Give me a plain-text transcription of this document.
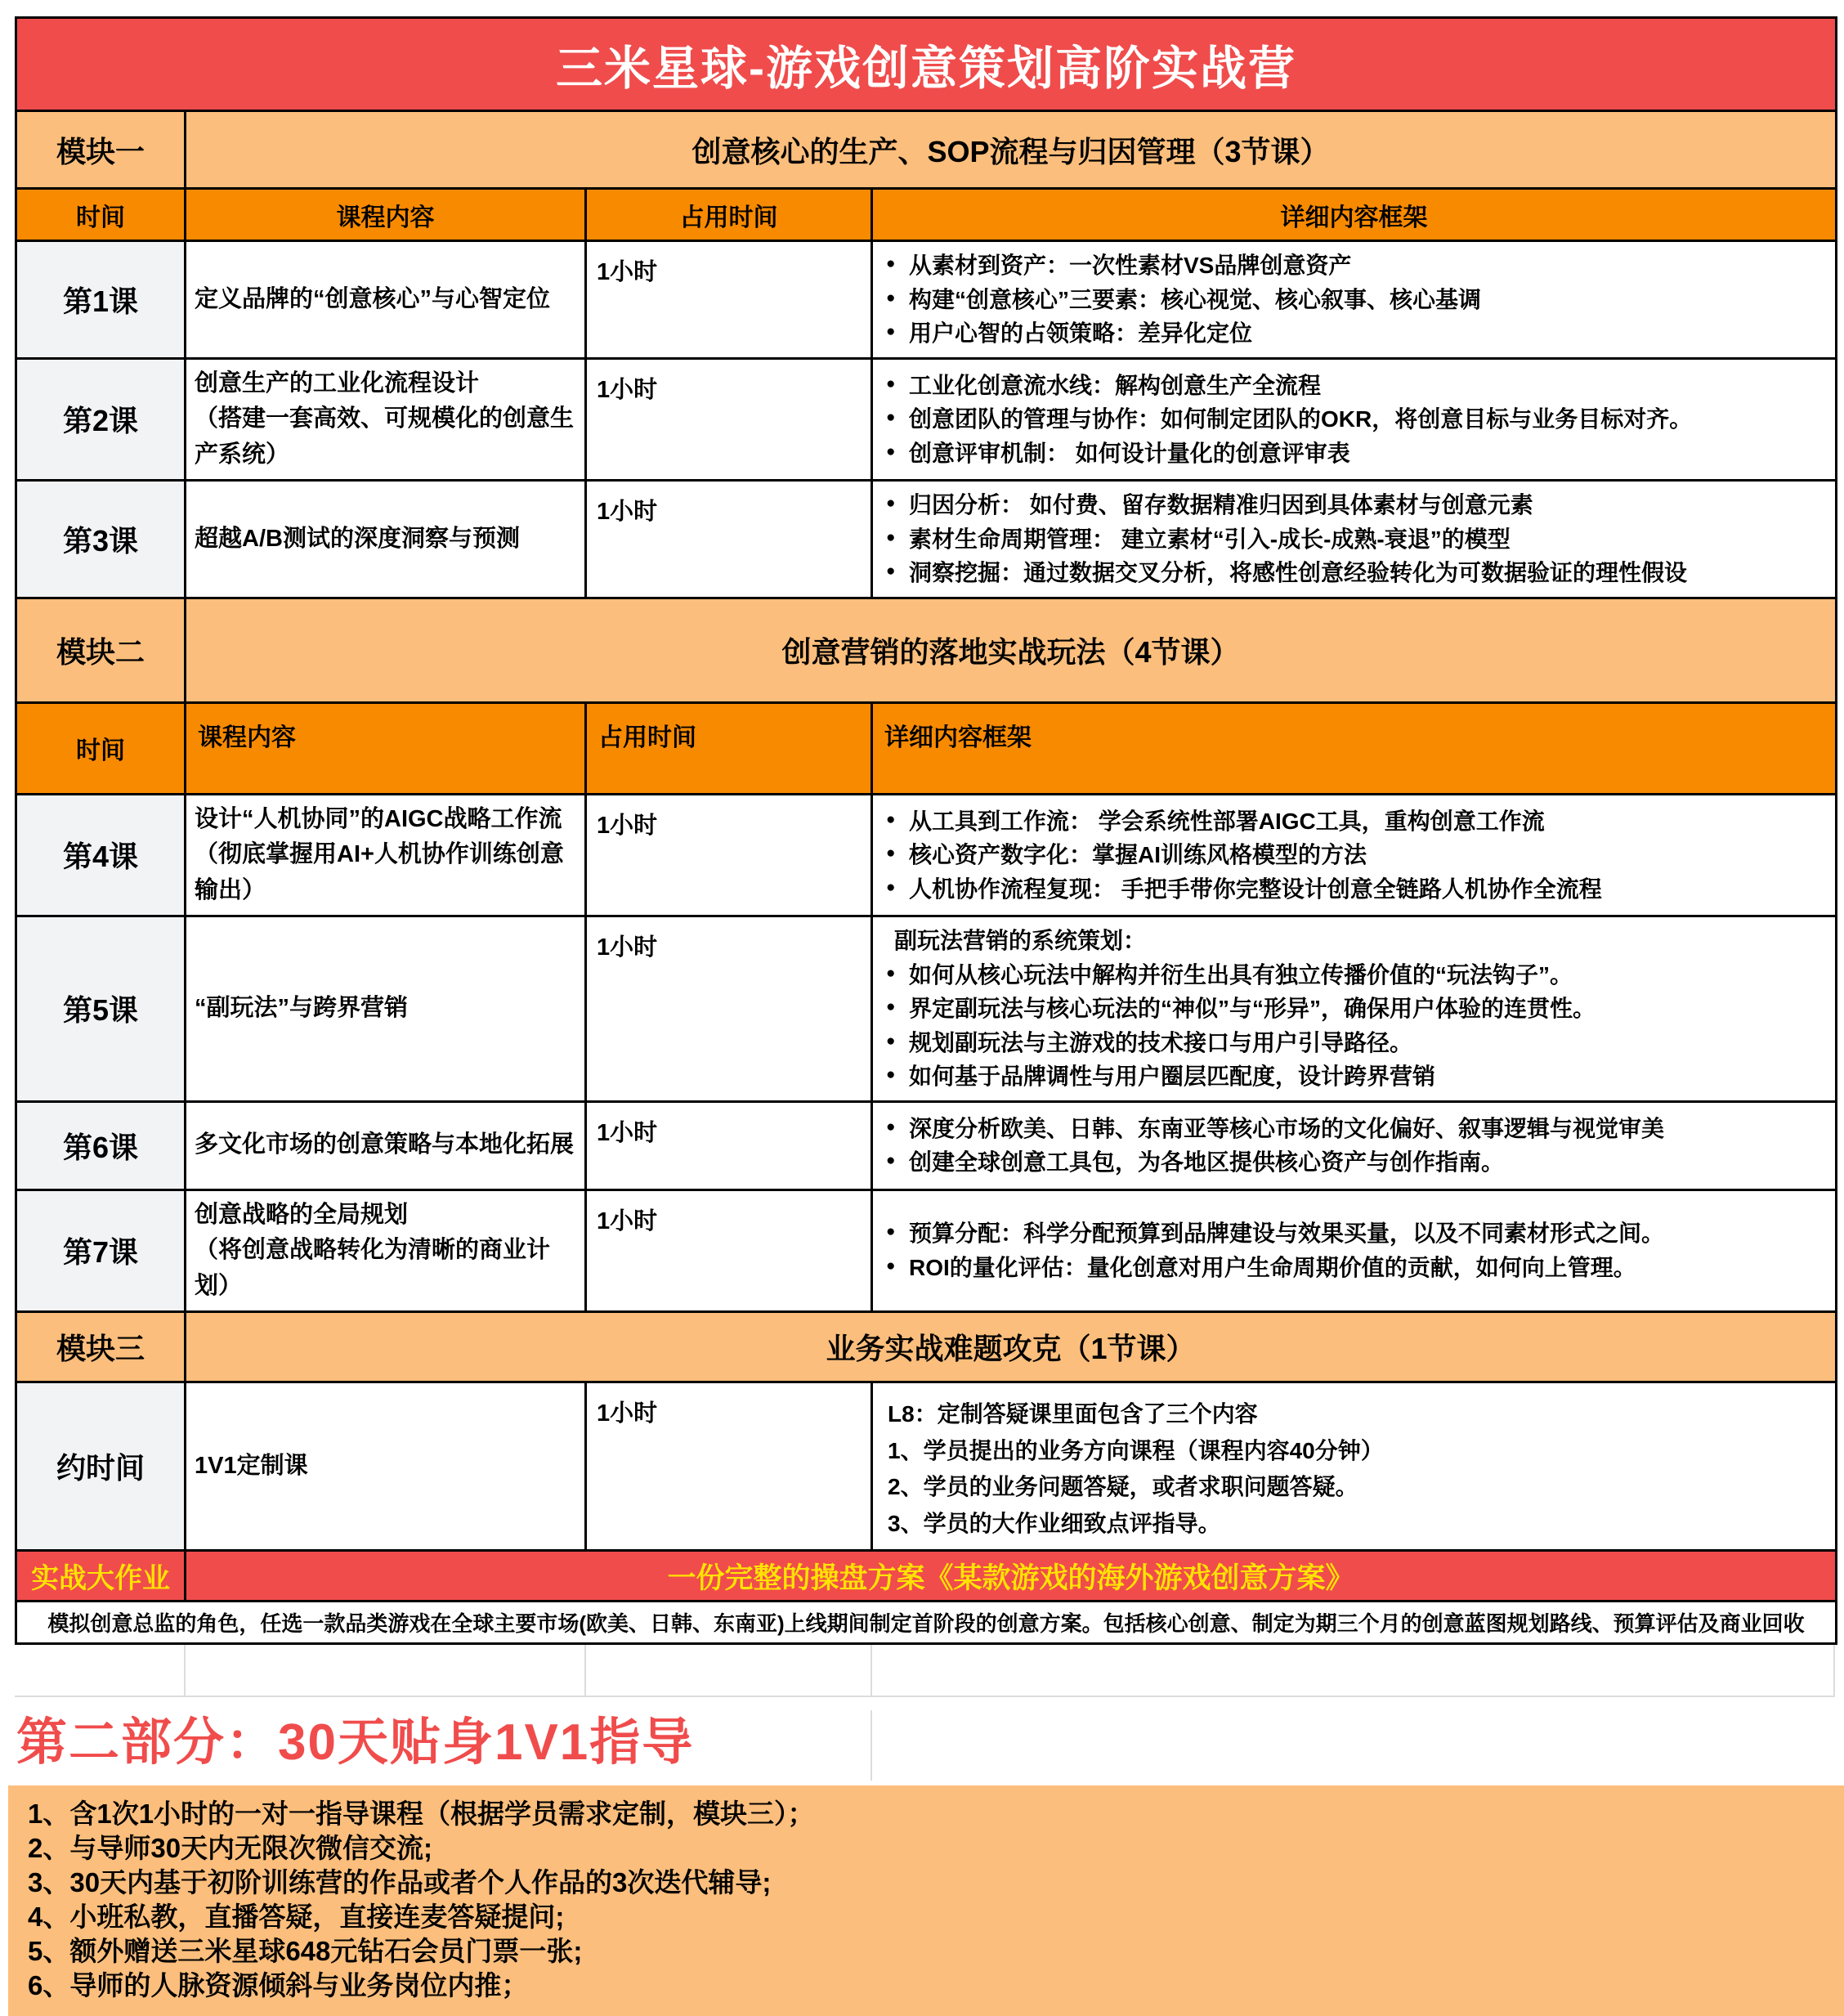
三米星球-游戏创意策划高阶实战营			
模块一	创意核心的生产、SOP流程与归因管理（3节课）		
时间	课程内容	占用时间	详细内容框架
第1课	定义品牌的“创意核心”与心智定位	1小时	
●从素材到资产：一次性素材VS品牌创意资产
● 构建“创意核心”三要素：核心视觉、核心叙事、核心基调
● 用户心智的占领策略：差异化定位

第2课	
创意生产的工业化流程设计
（搭建一套高效、可规模化的创意生产系统）
	1小时	
●工业化创意流水线：解构创意生产全流程
● 创意团队的管理与协作：如何制定团队的OKR，将创意目标与业务目标对齐。
● 创意评审机制： 如何设计量化的创意评审表

第3课	超越A/B测试的深度洞察与预测	1小时	
●归因分析： 如付费、留存数据精准归因到具体素材与创意元素
● 素材生命周期管理： 建立素材“引入-成长-成熟-衰退”的模型
● 洞察挖掘：通过数据交叉分析，将感性创意经验转化为可数据验证的理性假设

模块二	创意营销的落地实战玩法（4节课）		
时间	课程内容	占用时间	详细内容框架
第4课	
设计“人机协同”的AIGC战略工作流
（彻底掌握用AI+人机协作训练创意输出）
	1小时	
●从工具到工作流： 学会系统性部署AIGC工具，重构创意工作流
● 核心资产数字化：掌握AI训练风格模型的方法
● 人机协作流程复现： 手把手带你完整设计创意全链路人机协作全流程

第5课	“副玩法”与跨界营销	1小时	副玩法营销的系统策划：
● 如何从核心玩法中解构并衍生出具有独立传播价值的“玩法钩子”。
● 界定副玩法与核心玩法的“神似”与“形异”，确保用户体验的连贯性。
● 规划副玩法与主游戏的技术接口与用户引导路径。
● 如何基于品牌调性与用户圈层匹配度，设计跨界营销

第6课	多文化市场的创意策略与本地化拓展	1小时	
●深度分析欧美、日韩、东南亚等核心市场的文化偏好、叙事逻辑与视觉审美
● 创建全球创意工具包，为各地区提供核心资产与创作指南。

第7课	
创意战略的全局规划
（将创意战略转化为清晰的商业计划）
	1小时	
●预算分配：科学分配预算到品牌建设与效果买量，以及不同素材形式之间。
● ROI的量化评估：量化创意对用户生命周期价值的贡献，如何向上管理。

模块三	业务实战难题攻克（1节课）		
约时间	1V1定制课	1小时	L8：定制答疑课里面包含了三个内容
1、学员提出的业务方向课程（课程内容40分钟）
2、学员的业务问题答疑，或者求职问题答疑。
3、学员的大作业细致点评指导。

实战大作业	一份完整的操盘方案《某款游戏的海外游戏创意方案》		
模拟创意总监的角色，任选一款品类游戏在全球主要市场(欧美、日韩、东南亚)上线期间制定首阶段的创意方案。包括核心创意、制定为期三个月的创意蓝图规划路线、预算评估及商业回收			
第二部分：30天贴身1V1指导
1、含1次1小时的一对一指导课程（根据学员需求定制，模块三）；
2、与导师30天内无限次微信交流;
3、30天内基于初阶训练营的作品或者个人作品的3次迭代辅导;
4、小班私教，直播答疑，直接连麦答疑提问;
5、额外赠送三米星球648元钻石会员门票一张;
6、导师的人脉资源倾斜与业务岗位内推；
